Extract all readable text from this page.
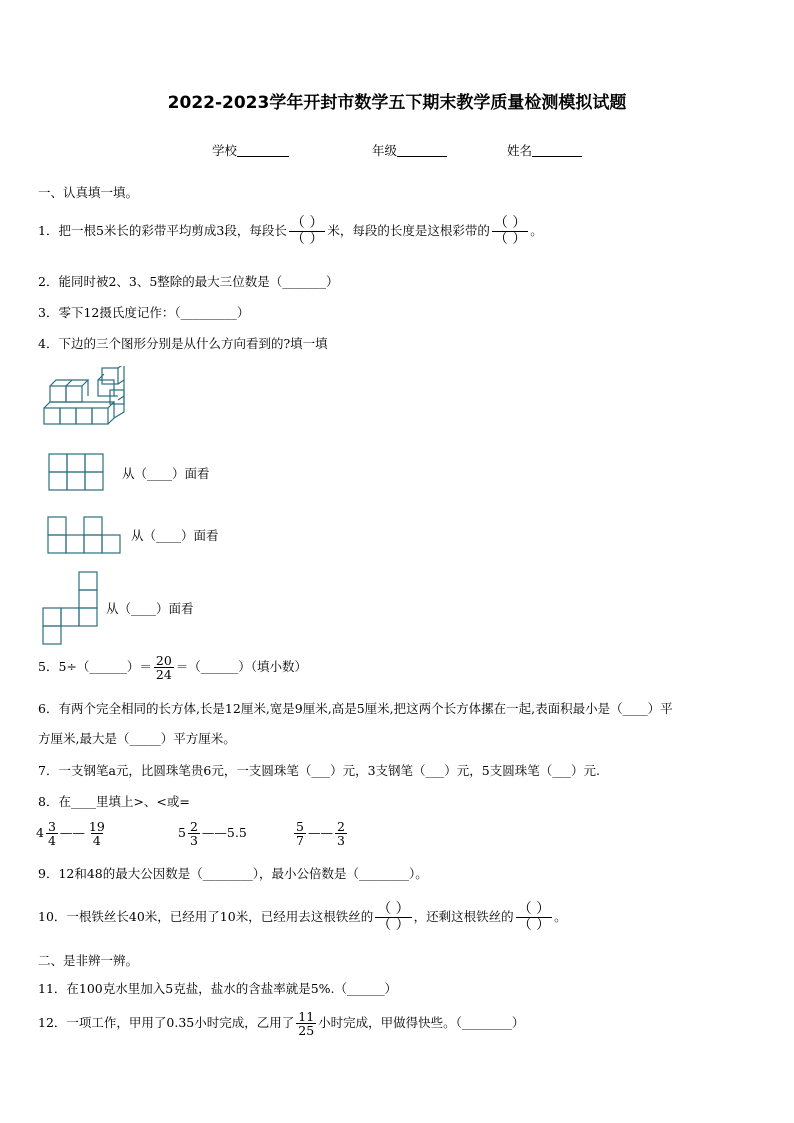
2022-2023学年开封市数学五下期末教学质量检测模拟试题
学校	年级	姓名
一、认真填一填。
1．把一根5米长的彩带平均剪成3段，每段长 $\frac{( )}{( )}$ 米，每段的长度是这根彩带的 $\frac{( )}{( )}$ 。
2．能同时被2、3、5整除的最大三位数是（_______）
3．零下12摄氏度记作：（_________）
4．下边的三个图形分别是从什么方向看到的?填一填
从（____）面看
从（____）面看
从（____）面看
5．5÷（______）＝ $\frac{20}{24}$ ＝（______）（填小数）
6．有两个完全相同的长方体,长是12厘米,宽是9厘米,高是5厘米,把这两个长方体摞在一起,表面积最小是（____）平
方厘米,最大是（_____）平方厘米。
7．一支钢笔a元，比圆珠笔贵6元，一支圆珠笔（___）元，3支钢笔（___）元，5支圆珠笔（___）元.
8．在____里填上>、<或=
$4 \frac{3}{4}$ —— $\frac{19}{4}$	$5 \frac{2}{3}$ ——5.5	$\frac{5}{7}$ —— $\frac{2}{3}$
9．12和48的最大公因数是（________），最小公倍数是（________）。
10．一根铁丝长40米，已经用了10米，已经用去这根铁丝的 $\frac{( )}{( )}$ ，还剩这根铁丝的 $\frac{( )}{( )}$ 。
二、是非辨一辨。
11．在100克水里加入5克盐，盐水的含盐率就是5%.（______）
12．一项工作，甲用了0.35小时完成，乙用了 $\frac{11}{25}$ 小时完成，甲做得快些。（________）
